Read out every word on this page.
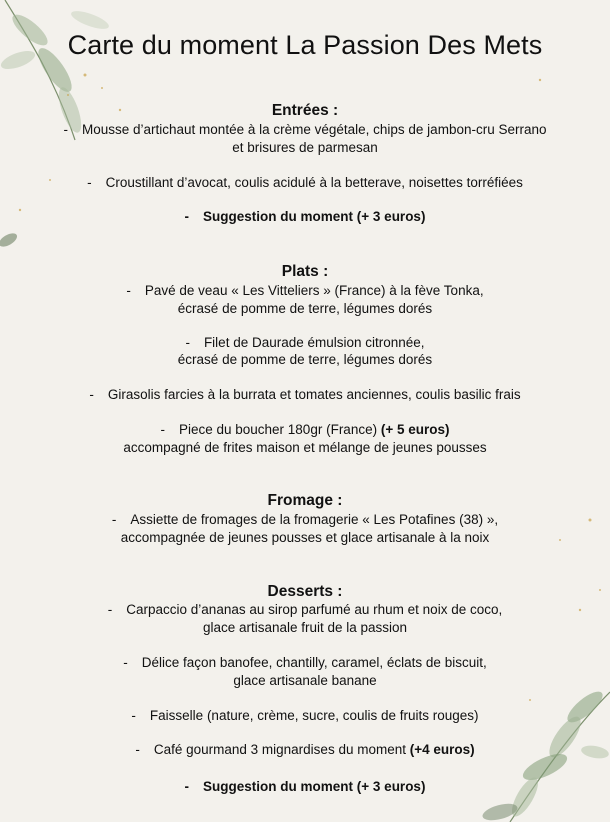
Carte du moment La Passion Des Mets
Entrées :
- Mousse d’artichaut montée à la crème végétale, chips de jambon-cru Serrano
et brisures de parmesan
- Croustillant d’avocat, coulis acidulé à la betterave, noisettes torréfiées
- Suggestion du moment (+ 3 euros)
Plats :
- Pavé de veau « Les Vitteliers » (France) à la fève Tonka,
écrasé de pomme de terre, légumes dorés
- Filet de Daurade émulsion citronnée,
écrasé de pomme de terre, légumes dorés
- Girasolis farcies à la burrata et tomates anciennes, coulis basilic frais
- Piece du boucher 180gr (France) (+ 5 euros)
accompagné de frites maison et mélange de jeunes pousses
Fromage :
- Assiette de fromages de la fromagerie « Les Potafines (38) »,
accompagnée de jeunes pousses et glace artisanale à la noix
Desserts :
- Carpaccio d’ananas au sirop parfumé au rhum et noix de coco,
glace artisanale fruit de la passion
- Délice façon banofee, chantilly, caramel, éclats de biscuit,
glace artisanale banane
- Faisselle (nature, crème, sucre, coulis de fruits rouges)
- Café gourmand 3 mignardises du moment (+4 euros)
- Suggestion du moment (+ 3 euros)
